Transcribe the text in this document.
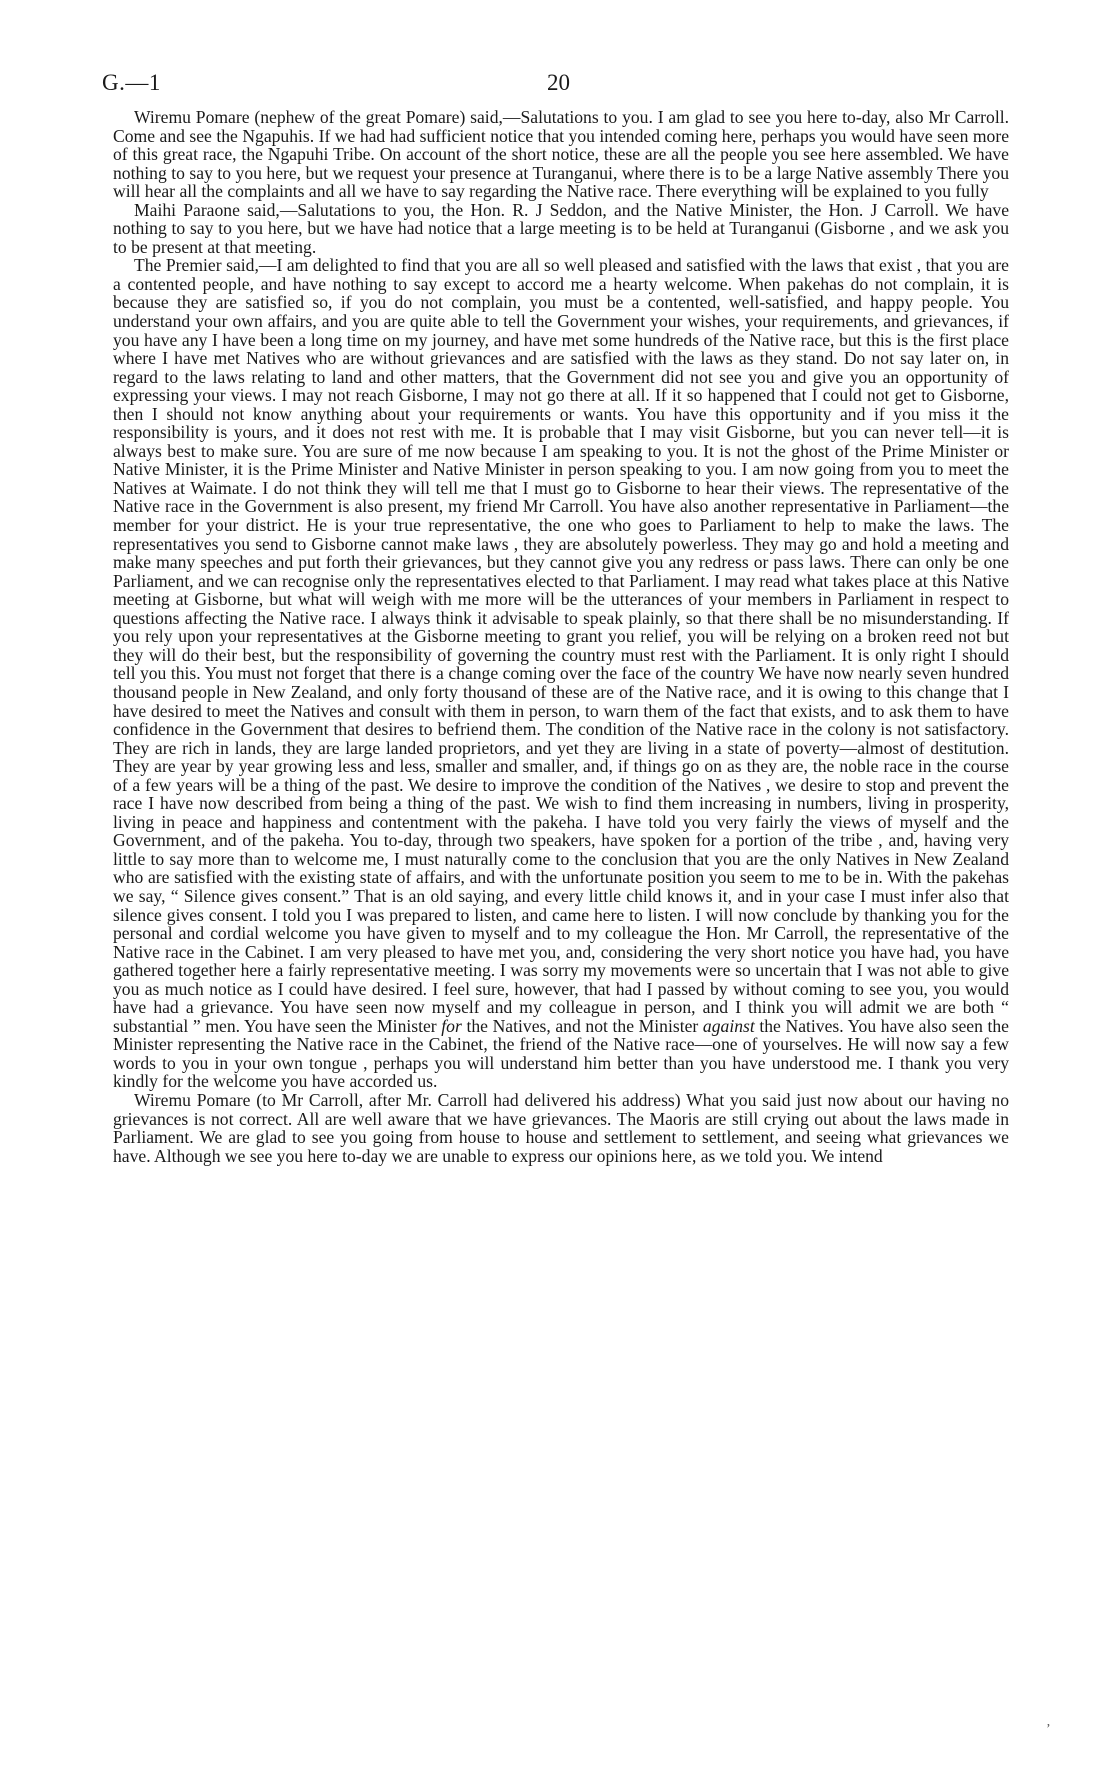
G.—1	20

Wiremu Pomare (nephew of the great Pomare) said,—Salutations to you. I am glad to see you here to-day, also Mr Carroll. Come and see the Ngapuhis. If we had had sufficient notice that you intended coming here, perhaps you would have seen more of this great race, the Ngapuhi Tribe. On account of the short notice, these are all the people you see here assembled. We have nothing to say to you here, but we request your presence at Turanganui, where there is to be a large Native assembly There you will hear all the complaints and all we have to say regarding the Native race. There everything will be explained to you fully

Maihi Paraone said,—Salutations to you, the Hon. R. J Seddon, and the Native Minister, the Hon. J Carroll. We have nothing to say to you here, but we have had notice that a large meeting is to be held at Turanganui (Gisborne , and we ask you to be present at that meeting.

The Premier said,—I am delighted to find that you are all so well pleased and satisfied with the laws that exist , that you are a contented people, and have nothing to say except to accord me a hearty welcome. When pakehas do not complain, it is because they are satisfied so, if you do not complain, you must be a contented, well-satisfied, and happy people. You understand your own affairs, and you are quite able to tell the Government your wishes, your requirements, and grievances, if you have any I have been a long time on my journey, and have met some hundreds of the Native race, but this is the first place where I have met Natives who are without grievances and are satisfied with the laws as they stand. Do not say later on, in regard to the laws relating to land and other matters, that the Government did not see you and give you an opportunity of expressing your views. I may not reach Gisborne, I may not go there at all. If it so happened that I could not get to Gisborne, then I should not know anything about your requirements or wants. You have this opportunity and if you miss it the responsibility is yours, and it does not rest with me. It is probable that I may visit Gisborne, but you can never tell—it is always best to make sure. You are sure of me now because I am speaking to you. It is not the ghost of the Prime Minister or Native Minister, it is the Prime Minister and Native Minister in person speaking to you. I am now going from you to meet the Natives at Waimate. I do not think they will tell me that I must go to Gisborne to hear their views. The representative of the Native race in the Government is also present, my friend Mr Carroll. You have also another representative in Parliament—the member for your district. He is your true representative, the one who goes to Parliament to help to make the laws. The representatives you send to Gisborne cannot make laws , they are absolutely powerless. They may go and hold a meeting and make many speeches and put forth their grievances, but they cannot give you any redress or pass laws. There can only be one Parliament, and we can recognise only the representatives elected to that Parliament. I may read what takes place at this Native meeting at Gisborne, but what will weigh with me more will be the utterances of your members in Parliament in respect to questions affecting the Native race. I always think it advisable to speak plainly, so that there shall be no misunderstanding. If you rely upon your representatives at the Gisborne meeting to grant you relief, you will be relying on a broken reed not but they will do their best, but the responsibility of governing the country must rest with the Parliament. It is only right I should tell you this. You must not forget that there is a change coming over the face of the country We have now nearly seven hundred thousand people in New Zealand, and only forty thousand of these are of the Native race, and it is owing to this change that I have desired to meet the Natives and consult with them in person, to warn them of the fact that exists, and to ask them to have confidence in the Government that desires to befriend them. The condition of the Native race in the colony is not satisfactory. They are rich in lands, they are large landed proprietors, and yet they are living in a state of poverty—almost of destitution. They are year by year growing less and less, smaller and smaller, and, if things go on as they are, the noble race in the course of a few years will be a thing of the past. We desire to improve the condition of the Natives , we desire to stop and prevent the race I have now described from being a thing of the past. We wish to find them increasing in numbers, living in prosperity, living in peace and happiness and contentment with the pakeha. I have told you very fairly the views of myself and the Government, and of the pakeha. You to-day, through two speakers, have spoken for a portion of the tribe , and, having very little to say more than to welcome me, I must naturally come to the conclusion that you are the only Natives in New Zealand who are satisfied with the existing state of affairs, and with the unfortunate position you seem to me to be in. With the pakehas we say, “ Silence gives consent.” That is an old saying, and every little child knows it, and in your case I must infer also that silence gives consent. I told you I was prepared to listen, and came here to listen. I will now conclude by thanking you for the personal and cordial welcome you have given to myself and to my colleague the Hon. Mr Carroll, the representative of the Native race in the Cabinet. I am very pleased to have met you, and, considering the very short notice you have had, you have gathered together here a fairly representative meeting. I was sorry my movements were so uncertain that I was not able to give you as much notice as I could have desired. I feel sure, however, that had I passed by without coming to see you, you would have had a grievance. You have seen now myself and my colleague in person, and I think you will admit we are both “ substantial ” men. You have seen the Minister for the Natives, and not the Minister against the Natives. You have also seen the Minister representing the Native race in the Cabinet, the friend of the Native race—one of yourselves. He will now say a few words to you in your own tongue , perhaps you will understand him better than you have understood me. I thank you very kindly for the welcome you have accorded us.

Wiremu Pomare (to Mr Carroll, after Mr. Carroll had delivered his address) What you said just now about our having no grievances is not correct. All are well aware that we have grievances. The Maoris are still crying out about the laws made in Parliament. We are glad to see you going from house to house and settlement to settlement, and seeing what grievances we have. Although we see you here to-day we are unable to express our opinions here, as we told you. We intend

’
